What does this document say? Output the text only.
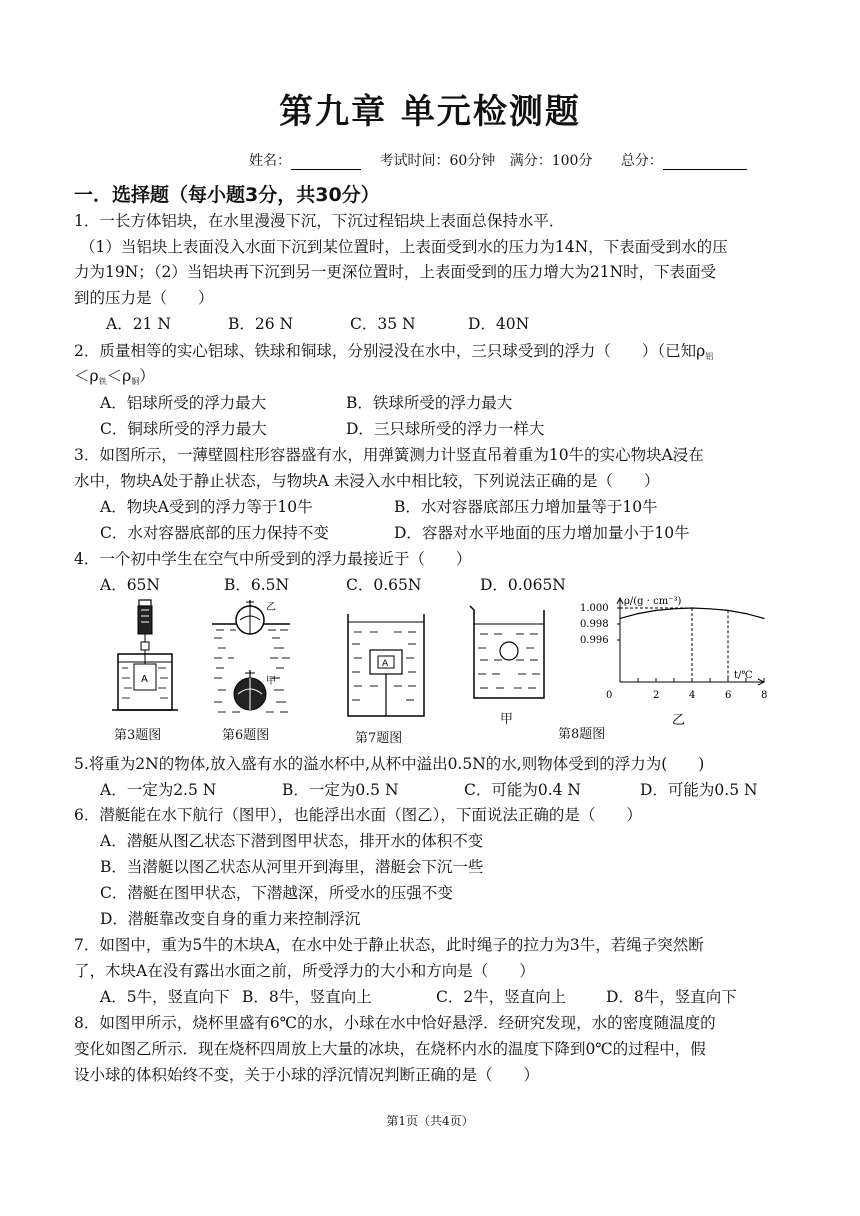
第九章 单元检测题
姓名：	考试时间：60分钟 满分：100分 总分：
一．选择题（每小题3分，共30分）
1．一长方体铝块，在水里漫漫下沉，下沉过程铝块上表面总保持水平．
（1）当铝块上表面没入水面下沉到某位置时，上表面受到水的压力为14N，下表面受到水的压
力为19N；（2）当铝块再下沉到另一更深位置时，上表面受到的压力增大为21N时，下表面受
到的压力是（　　）
A．21 N	B．26 N	C．35 N	D．40N
2．质量相等的实心铝球、铁球和铜球，分别浸没在水中，三只球受到的浮力（　　）（已知$\rho_铝$
$<\rho_铁<\rho_铜$）
A．铝球所受的浮力最大	B．铁球所受的浮力最大
C．铜球所受的浮力最大	D．三只球所受的浮力一样大
3．如图所示，一薄壁圆柱形容器盛有水，用弹簧测力计竖直吊着重为10牛的实心物块A浸在
水中，物块A处于静止状态，与物块A 未浸入水中相比较，下列说法正确的是（　　）
A．物块A受到的浮力等于10牛	B．水对容器底部压力增加量等于10牛
C．水对容器底部的压力保持不变	D．容器对水平地面的压力增加量小于10牛
4．一个初中学生在空气中所受到的浮力最接近于（　　）
A．65N	B．6.5N	C．0.65N	D．0.065N
A
第3题图
乙
甲
第6题图
A
第7题图
甲
第8题图
ρ/(g · cm⁻³)
t/℃
乙
1.000
0.998
0.996
0	2	4	6	8
5.将重为2N的物体,放入盛有水的溢水杯中,从杯中溢出0.5N的水,则物体受到的浮力为(　　)
A．一定为2.5 N	B．一定为0.5 N	C．可能为0.4 N	D．可能为0.5 N
6．潜艇能在水下航行（图甲），也能浮出水面（图乙），下面说法正确的是（　　）
A．潜艇从图乙状态下潜到图甲状态，排开水的体积不变
B．当潜艇以图乙状态从河里开到海里，潜艇会下沉一些
C．潜艇在图甲状态，下潜越深，所受水的压强不变
D．潜艇靠改变自身的重力来控制浮沉
7．如图中，重为5牛的木块A，在水中处于静止状态，此时绳子的拉力为3牛，若绳子突然断
了，木块A在没有露出水面之前，所受浮力的大小和方向是（　　）
A．5牛，竖直向下 B．8牛，竖直向上	C．2牛，竖直向上	D．8牛，竖直向下
8．如图甲所示，烧杯里盛有6℃的水，小球在水中恰好悬浮．经研究发现，水的密度随温度的
变化如图乙所示．现在烧杯四周放上大量的冰块，在烧杯内水的温度下降到0℃的过程中，假
设小球的体积始终不变，关于小球的浮沉情况判断正确的是（　　）
第1页（共4页）
